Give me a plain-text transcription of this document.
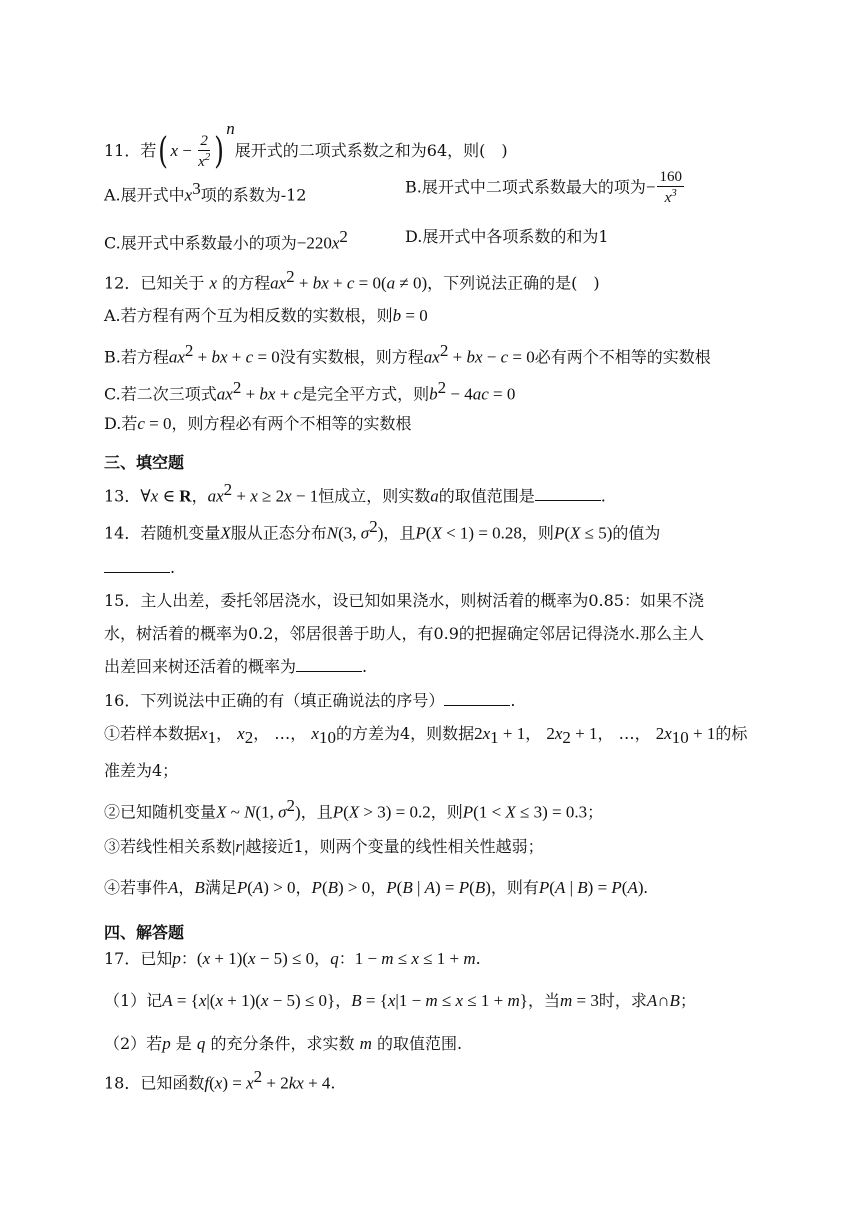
11．若( $x - \frac{2}{x^2} )^n$展开式的二项式系数之和为64，则(　)
A.展开式中$x^3$项的系数为-12	B.展开式中二项式系数最大的项为− $\frac{160}{x^3}$
C.展开式中系数最小的项为$-220x^2$	D.展开式中各项系数的和为1
12．已知关于 x 的方程$ax^2$ + bx + c = 0(a ≠ 0)，下列说法正确的是(　)
A.若方程有两个互为相反数的实数根，则b = 0
B.若方程$ax^2$ + bx + c = 0没有实数根，则方程$ax^2$ + bx − c = 0必有两个不相等的实数根
C.若二次三项式$ax^2$ + bx + c是完全平方式，则$b^2 - 4ac = 0$
D.若c = 0，则方程必有两个不相等的实数根
三、填空题
13．∀x ∈ R，$ax^2 + x \ge 2x - 1$恒成立，则实数a的取值范围是	.
14．若随机变量X服从正态分布N(3, $\sigma^2$)，且P(X < 1) = 0.28，则P(X ≤ 5)的值为
.
15．主人出差，委托邻居浇水，设已知如果浇水，则树活着的概率为0.85：如果不浇
水，树活着的概率为0.2，邻居很善于助人，有0.9的把握确定邻居记得浇水.那么主人
出差回来树还活着的概率为	.
16．下列说法中正确的有（填正确说法的序号）	.
①若样本数据$x_1$， $x_2$， …， $x_{10}$的方差为4，则数据$2x_1 + 1$， $2x_2 + 1$， …， $2x_{10} + 1$的标
准差为4；
②已知随机变量X ~ N(1, $\sigma^2$)，且P(X > 3) = 0.2，则P(1 < X ≤ 3) = 0.3；
③若线性相关系数|r|越接近1，则两个变量的线性相关性越弱；
④若事件A，B满足P(A) > 0，P(B) > 0，P(B | A) = P(B)，则有P(A | B) = P(A).
四、解答题
17．已知p：(x + 1)(x − 5) ≤ 0，q：1 − m ≤ x ≤ 1 + m.
（1）记A = {x|(x + 1)(x − 5) ≤ 0}，B = {x|1 − m ≤ x ≤ 1 + m}，当m = 3时，求A∩B；
（2）若p 是 q 的充分条件，求实数 m 的取值范围.
18．已知函数$f(x) = x^2 + 2kx + 4$.
